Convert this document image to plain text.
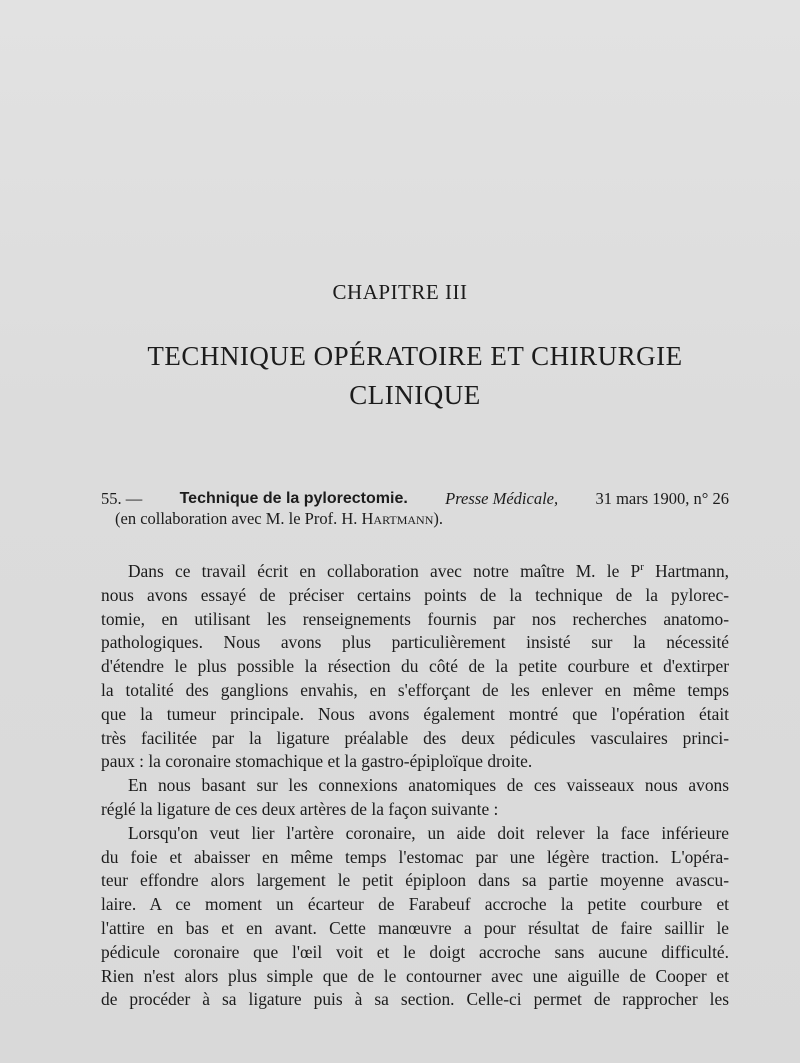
CHAPITRE III
TECHNIQUE OPÉRATOIRE ET CHIRURGIE
CLINIQUE
55. — Technique de la pylorectomie. Presse Médicale, 31 mars 1900, n° 26
(en collaboration avec M. le Prof. H. Hartmann).
Dans ce travail écrit en collaboration avec notre maître M. le $P^r$ Hartmann,
nous avons essayé de préciser certains points de la technique de la pylorec-
tomie, en utilisant les renseignements fournis par nos recherches anatomo-
pathologiques. Nous avons plus particulièrement insisté sur la nécessité
d'étendre le plus possible la résection du côté de la petite courbure et d'extirper
la totalité des ganglions envahis, en s'efforçant de les enlever en même temps
que la tumeur principale. Nous avons également montré que l'opération était
très facilitée par la ligature préalable des deux pédicules vasculaires princi-
paux : la coronaire stomachique et la gastro-épiploïque droite.
En nous basant sur les connexions anatomiques de ces vaisseaux nous avons
réglé la ligature de ces deux artères de la façon suivante :
Lorsqu'on veut lier l'artère coronaire, un aide doit relever la face inférieure
du foie et abaisser en même temps l'estomac par une légère traction. L'opéra-
teur effondre alors largement le petit épiploon dans sa partie moyenne avascu-
laire. A ce moment un écarteur de Farabeuf accroche la petite courbure et
l'attire en bas et en avant. Cette manœuvre a pour résultat de faire saillir le
pédicule coronaire que l'œil voit et le doigt accroche sans aucune difficulté.
Rien n'est alors plus simple que de le contourner avec une aiguille de Cooper et
de procéder à sa ligature puis à sa section. Celle-ci permet de rapprocher les
